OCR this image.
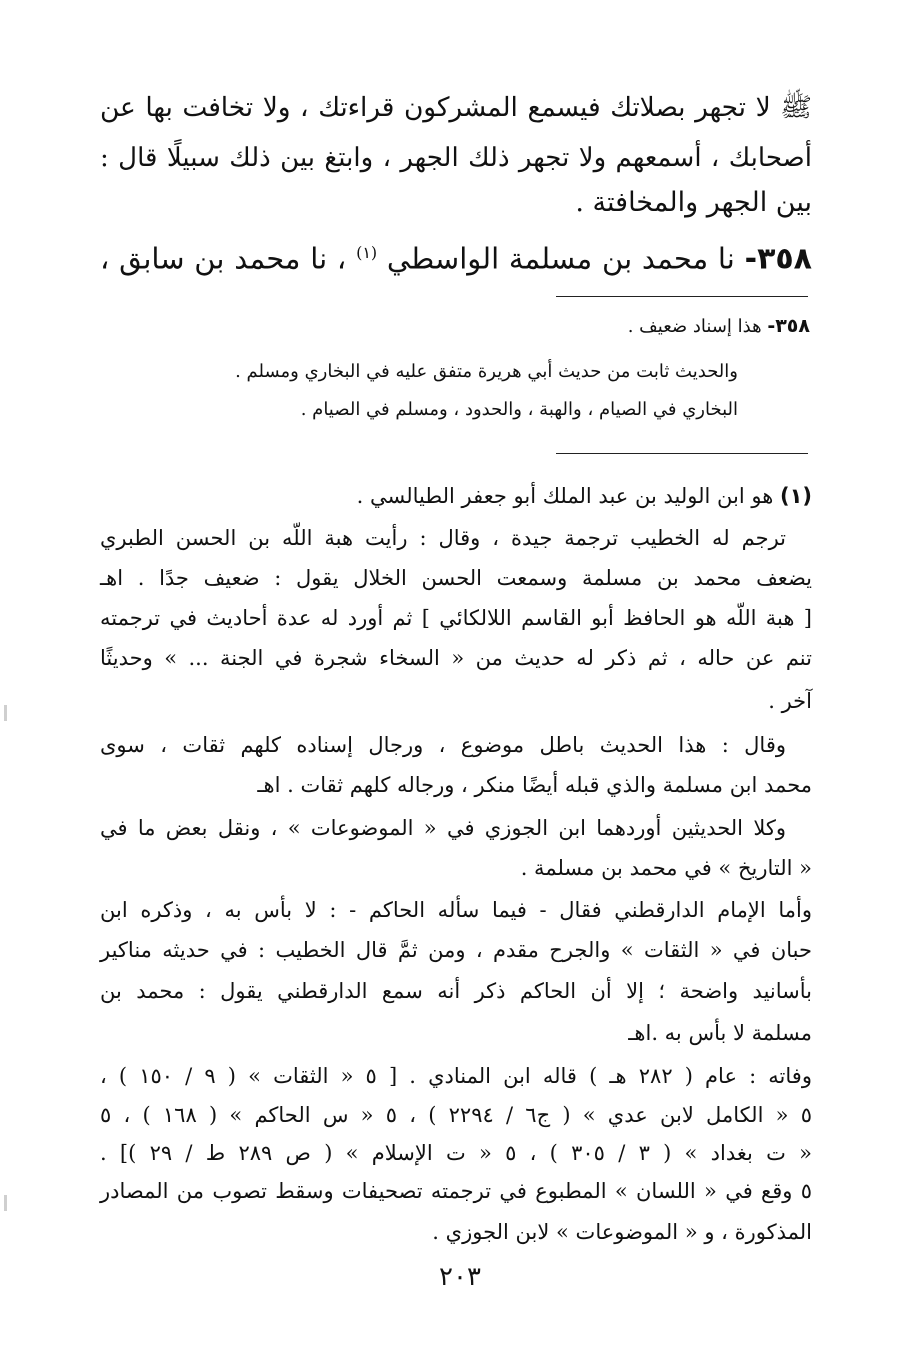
ﷺ لا تجهر بصلاتك فيسمع المشركون قراءتك ، ولا تخافت بها عن
أصحابك ، أسمعهم ولا تجهر ذلك الجهر ، وابتغ بين ذلك سبيلًا قال :
بين الجهر والمخافتة .
٣٥٨- نا محمد بن مسلمة الواسطي $^{(١)}$ ، نا محمد بن سابق ،
٣٥٨- هذا إسناد ضعيف .
والحديث ثابت من حديث أبي هريرة متفق عليه في البخاري ومسلم .
البخاري في الصيام ، والهبة ، والحدود ، ومسلم في الصيام .
(١) هو ابن الوليد بن عبد الملك أبو جعفر الطيالسي .
ترجم له الخطيب ترجمة جيدة ، وقال : رأيت هبة اللّه بن الحسن الطبري
يضعف محمد بن مسلمة وسمعت الحسن الخلال يقول : ضعيف جدًا . اهـ
[ هبة اللّه هو الحافظ أبو القاسم اللالكائي ] ثم أورد له عدة أحاديث في ترجمته
تنم عن حاله ، ثم ذكر له حديث من « السخاء شجرة في الجنة ... » وحديثًا
آخر .
وقال : هذا الحديث باطل موضوع ، ورجال إسناده كلهم ثقات ، سوى
محمد ابن مسلمة والذي قبله أيضًا منكر ، ورجاله كلهم ثقات . اهـ
وكلا الحديثين أوردهما ابن الجوزي في « الموضوعات » ، ونقل بعض ما في
« التاريخ » في محمد بن مسلمة .
وأما الإمام الدارقطني فقال - فيما سأله الحاكم - : لا بأس به ، وذكره ابن
حبان في « الثقات » والجرح مقدم ، ومن ثمَّ قال الخطيب : في حديثه مناكير
بأسانيد واضحة ؛ إلا أن الحاكم ذكر أنه سمع الدارقطني يقول : محمد بن
مسلمة لا بأس به .اهـ
وفاته : عام ( ٢٨٢ هـ ) قاله ابن المنادي . [ ٥ « الثقات » ( ٩ / ١٥٠ ) ،
٥ « الكامل لابن عدي » ( ج٦ / ٢٢٩٤ ) ، ٥ « س الحاكم » ( ١٦٨ ) ، ٥
« ت بغداد » ( ٣ / ٣٠٥ ) ، ٥ « ت الإسلام » ( ص ٢٨٩ ط / ٢٩ )] .
٥ وقع في « اللسان » المطبوع في ترجمته تصحيفات وسقط تصوب من المصادر
المذكورة ، و « الموضوعات » لابن الجوزي .
٢٠٣
